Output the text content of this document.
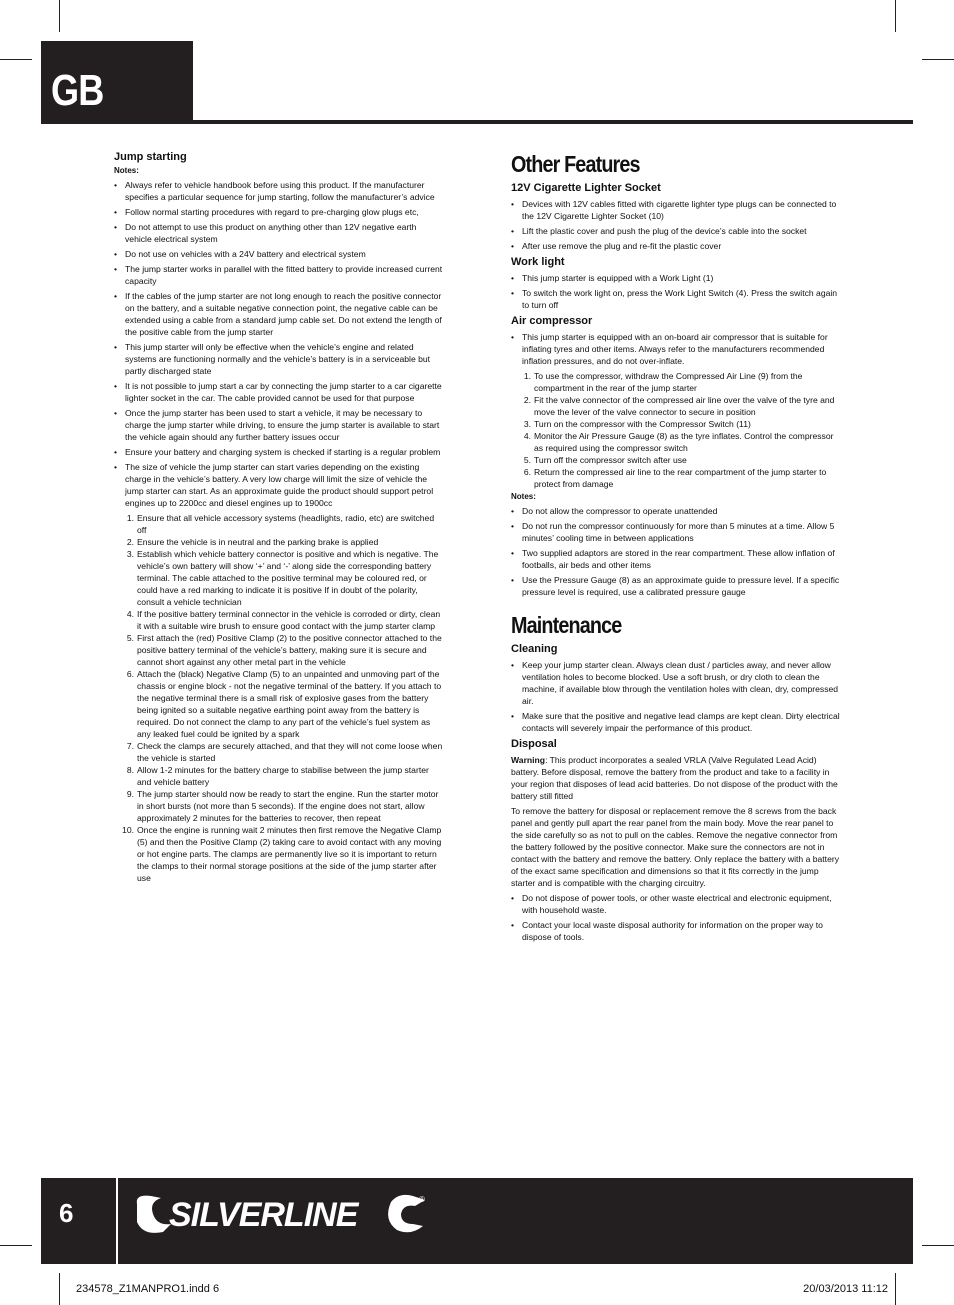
GB
Jump starting
Notes:
• Always refer to vehicle handbook before using this product. If the manufacturer specifies a particular sequence for jump starting, follow the manufacturer’s advice
• Follow normal starting procedures with regard to pre-charging glow plugs etc,
• Do not attempt to use this product on anything other than 12V negative earth vehicle electrical system
• Do not use on vehicles with a 24V battery and electrical system
• The jump starter works in parallel with the fitted battery to provide increased current capacity
• If the cables of the jump starter are not long enough to reach the positive connector on the battery, and a suitable negative connection point, the negative cable can be extended using a cable from a standard jump cable set. Do not extend the length of the positive cable from the jump starter
• This jump starter will only be effective when the vehicle’s engine and related systems are functioning normally and the vehicle’s battery is in a serviceable but partly discharged state
• It is not possible to jump start a car by connecting the jump starter to a car cigarette lighter socket in the car. The cable provided cannot be used for that purpose
• Once the jump starter has been used to start a vehicle, it may be necessary to charge the jump starter while driving, to ensure the jump starter is available to start the vehicle again should any further battery issues occur
• Ensure your battery and charging system is checked if starting is a regular problem
• The size of vehicle the jump starter can start varies depending on the existing charge in the vehicle’s battery. A very low charge will limit the size of vehicle the jump starter can start. As an approximate guide the product should support petrol engines up to 2200cc and diesel engines up to 1900cc
1. Ensure that all vehicle accessory systems (headlights, radio, etc) are switched off
2. Ensure the vehicle is in neutral and the parking brake is applied
3. Establish which vehicle battery connector is positive and which is negative. The vehicle’s own battery will show ‘+’ and ‘-’ along side the corresponding battery terminal. The cable attached to the positive terminal may be coloured red, or could have a red marking to indicate it is positive If in doubt of the polarity, consult a vehicle technician
4. If the positive battery terminal connector in the vehicle is corroded or dirty, clean it with a suitable wire brush to ensure good contact with the jump starter clamp
5. First attach the (red) Positive Clamp (2) to the positive connector attached to the positive battery terminal of the vehicle’s battery, making sure it is secure and cannot short against any other metal part in the vehicle
6. Attach the (black) Negative Clamp (5) to an unpainted and unmoving part of the chassis or engine block - not the negative terminal of the battery. If you attach to the negative terminal there is a small risk of explosive gases from the battery being ignited so a suitable negative earthing point away from the battery is required. Do not connect the clamp to any part of the vehicle’s fuel system as any leaked fuel could be ignited by a spark
7. Check the clamps are securely attached, and that they will not come loose when the vehicle is started
8. Allow 1-2 minutes for the battery charge to stabilise between the jump starter and vehicle battery
9. The jump starter should now be ready to start the engine. Run the starter motor in short bursts (not more than 5 seconds). If the engine does not start, allow approximately 2 minutes for the batteries to recover, then repeat
10. Once the engine is running wait 2 minutes then first remove the Negative Clamp (5) and then the Positive Clamp (2) taking care to avoid contact with any moving or hot engine parts. The clamps are permanently live so it is important to return the clamps to their normal storage positions at the side of the jump starter after use
Other Features
12V Cigarette Lighter Socket
• Devices with 12V cables fitted with cigarette lighter type plugs can be connected to the 12V Cigarette Lighter Socket (10)
• Lift the plastic cover and push the plug of the device’s cable into the socket
• After use remove the plug and re-fit the plastic cover
Work light
• This jump starter is equipped with a Work Light (1)
• To switch the work light on, press the Work Light Switch (4). Press the switch again to turn off
Air compressor
• This jump starter is equipped with an on-board air compressor that is suitable for inflating tyres and other items. Always refer to the manufacturers recommended inflation pressures, and do not over-inflate.
1. To use the compressor, withdraw the Compressed Air Line (9) from the compartment in the rear of the jump starter
2. Fit the valve connector of the compressed air line over the valve of the tyre and move the lever of the valve connector to secure in position
3. Turn on the compressor with the Compressor Switch (11)
4. Monitor the Air Pressure Gauge (8) as the tyre inflates. Control the compressor as required using the compressor switch
5. Turn off the compressor switch after use
6. Return the compressed air line to the rear compartment of the jump starter to protect from damage
Notes:
• Do not allow the compressor to operate unattended
• Do not run the compressor continuously for more than 5 minutes at a time. Allow 5 minutes’ cooling time in between applications
• Two supplied adaptors are stored in the rear compartment. These allow inflation of footballs, air beds and other items
• Use the Pressure Gauge (8) as an approximate guide to pressure level. If a specific pressure level is required, use a calibrated pressure gauge
Maintenance
Cleaning
• Keep your jump starter clean. Always clean dust / particles away, and never allow ventilation holes to become blocked. Use a soft brush, or dry cloth to clean the machine, if available blow through the ventilation holes with clean, dry, compressed air.
• Make sure that the positive and negative lead clamps are kept clean. Dirty electrical contacts will severely impair the performance of this product.
Disposal

Warning: This product incorporates a sealed VRLA (Valve Regulated Lead Acid) battery. Before disposal, remove the battery from the product and take to a facility in your region that disposes of lead acid batteries. Do not dispose of the product with the battery still fitted

To remove the battery for disposal or replacement remove the 8 screws from the back panel and gently pull apart the rear panel from the main body. Move the rear panel to the side carefully so as not to pull on the cables. Remove the negative connector from the battery followed by the positive connector. Make sure the connectors are not in contact with the battery and remove the battery. Only replace the battery with a battery of the exact same specification and dimensions so that it fits correctly in the jump starter and is compatible with the charging circuitry.

• Do not dispose of power tools, or other waste electrical and electronic equipment, with household waste.
• Contact your local waste disposal authority for information on the proper way to dispose of tools.
6	SILVERLINE	®
234578_Z1MANPRO1.indd 6	20/03/2013 11:12
